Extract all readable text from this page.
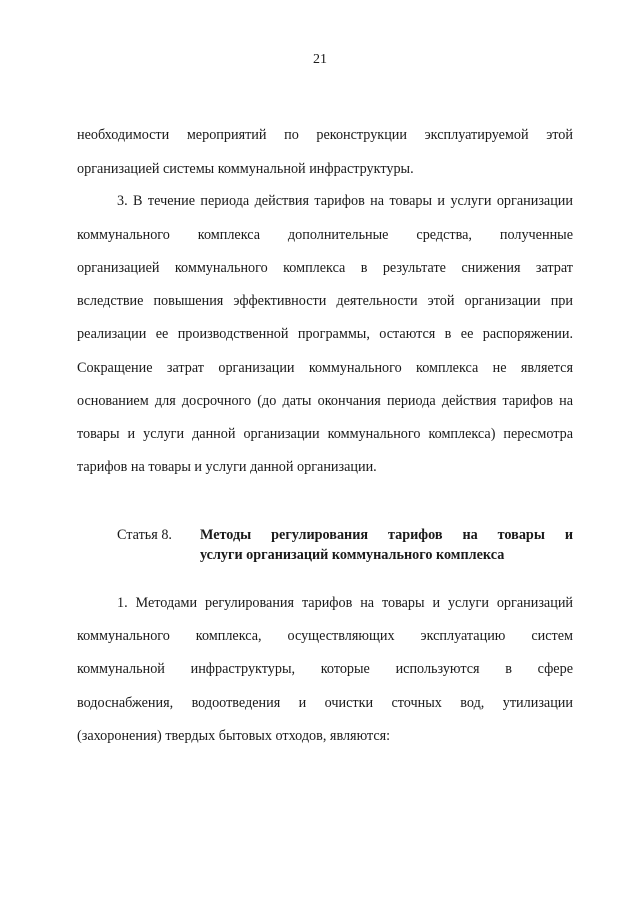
21
необходимости мероприятий по реконструкции эксплуатируемой этой
организацией системы коммунальной инфраструктуры.
3. В течение периода действия тарифов на товары и услуги организации
коммунального комплекса дополнительные средства, полученные
организацией коммунального комплекса в результате снижения затрат
вследствие повышения эффективности деятельности этой организации при
реализации ее производственной программы, остаются в ее распоряжении.
Сокращение затрат организации коммунального комплекса не является
основанием для досрочного (до даты окончания периода действия тарифов на
товары и услуги данной организации коммунального комплекса) пересмотра
тарифов на товары и услуги данной организации.
Статья 8. Методы регулирования тарифов на товары и
услуги организаций коммунального комплекса
1. Методами регулирования тарифов на товары и услуги организаций
коммунального комплекса, осуществляющих эксплуатацию систем
коммунальной инфраструктуры, которые используются в сфере
водоснабжения, водоотведения и очистки сточных вод, утилизации
(захоронения) твердых бытовых отходов, являются:
